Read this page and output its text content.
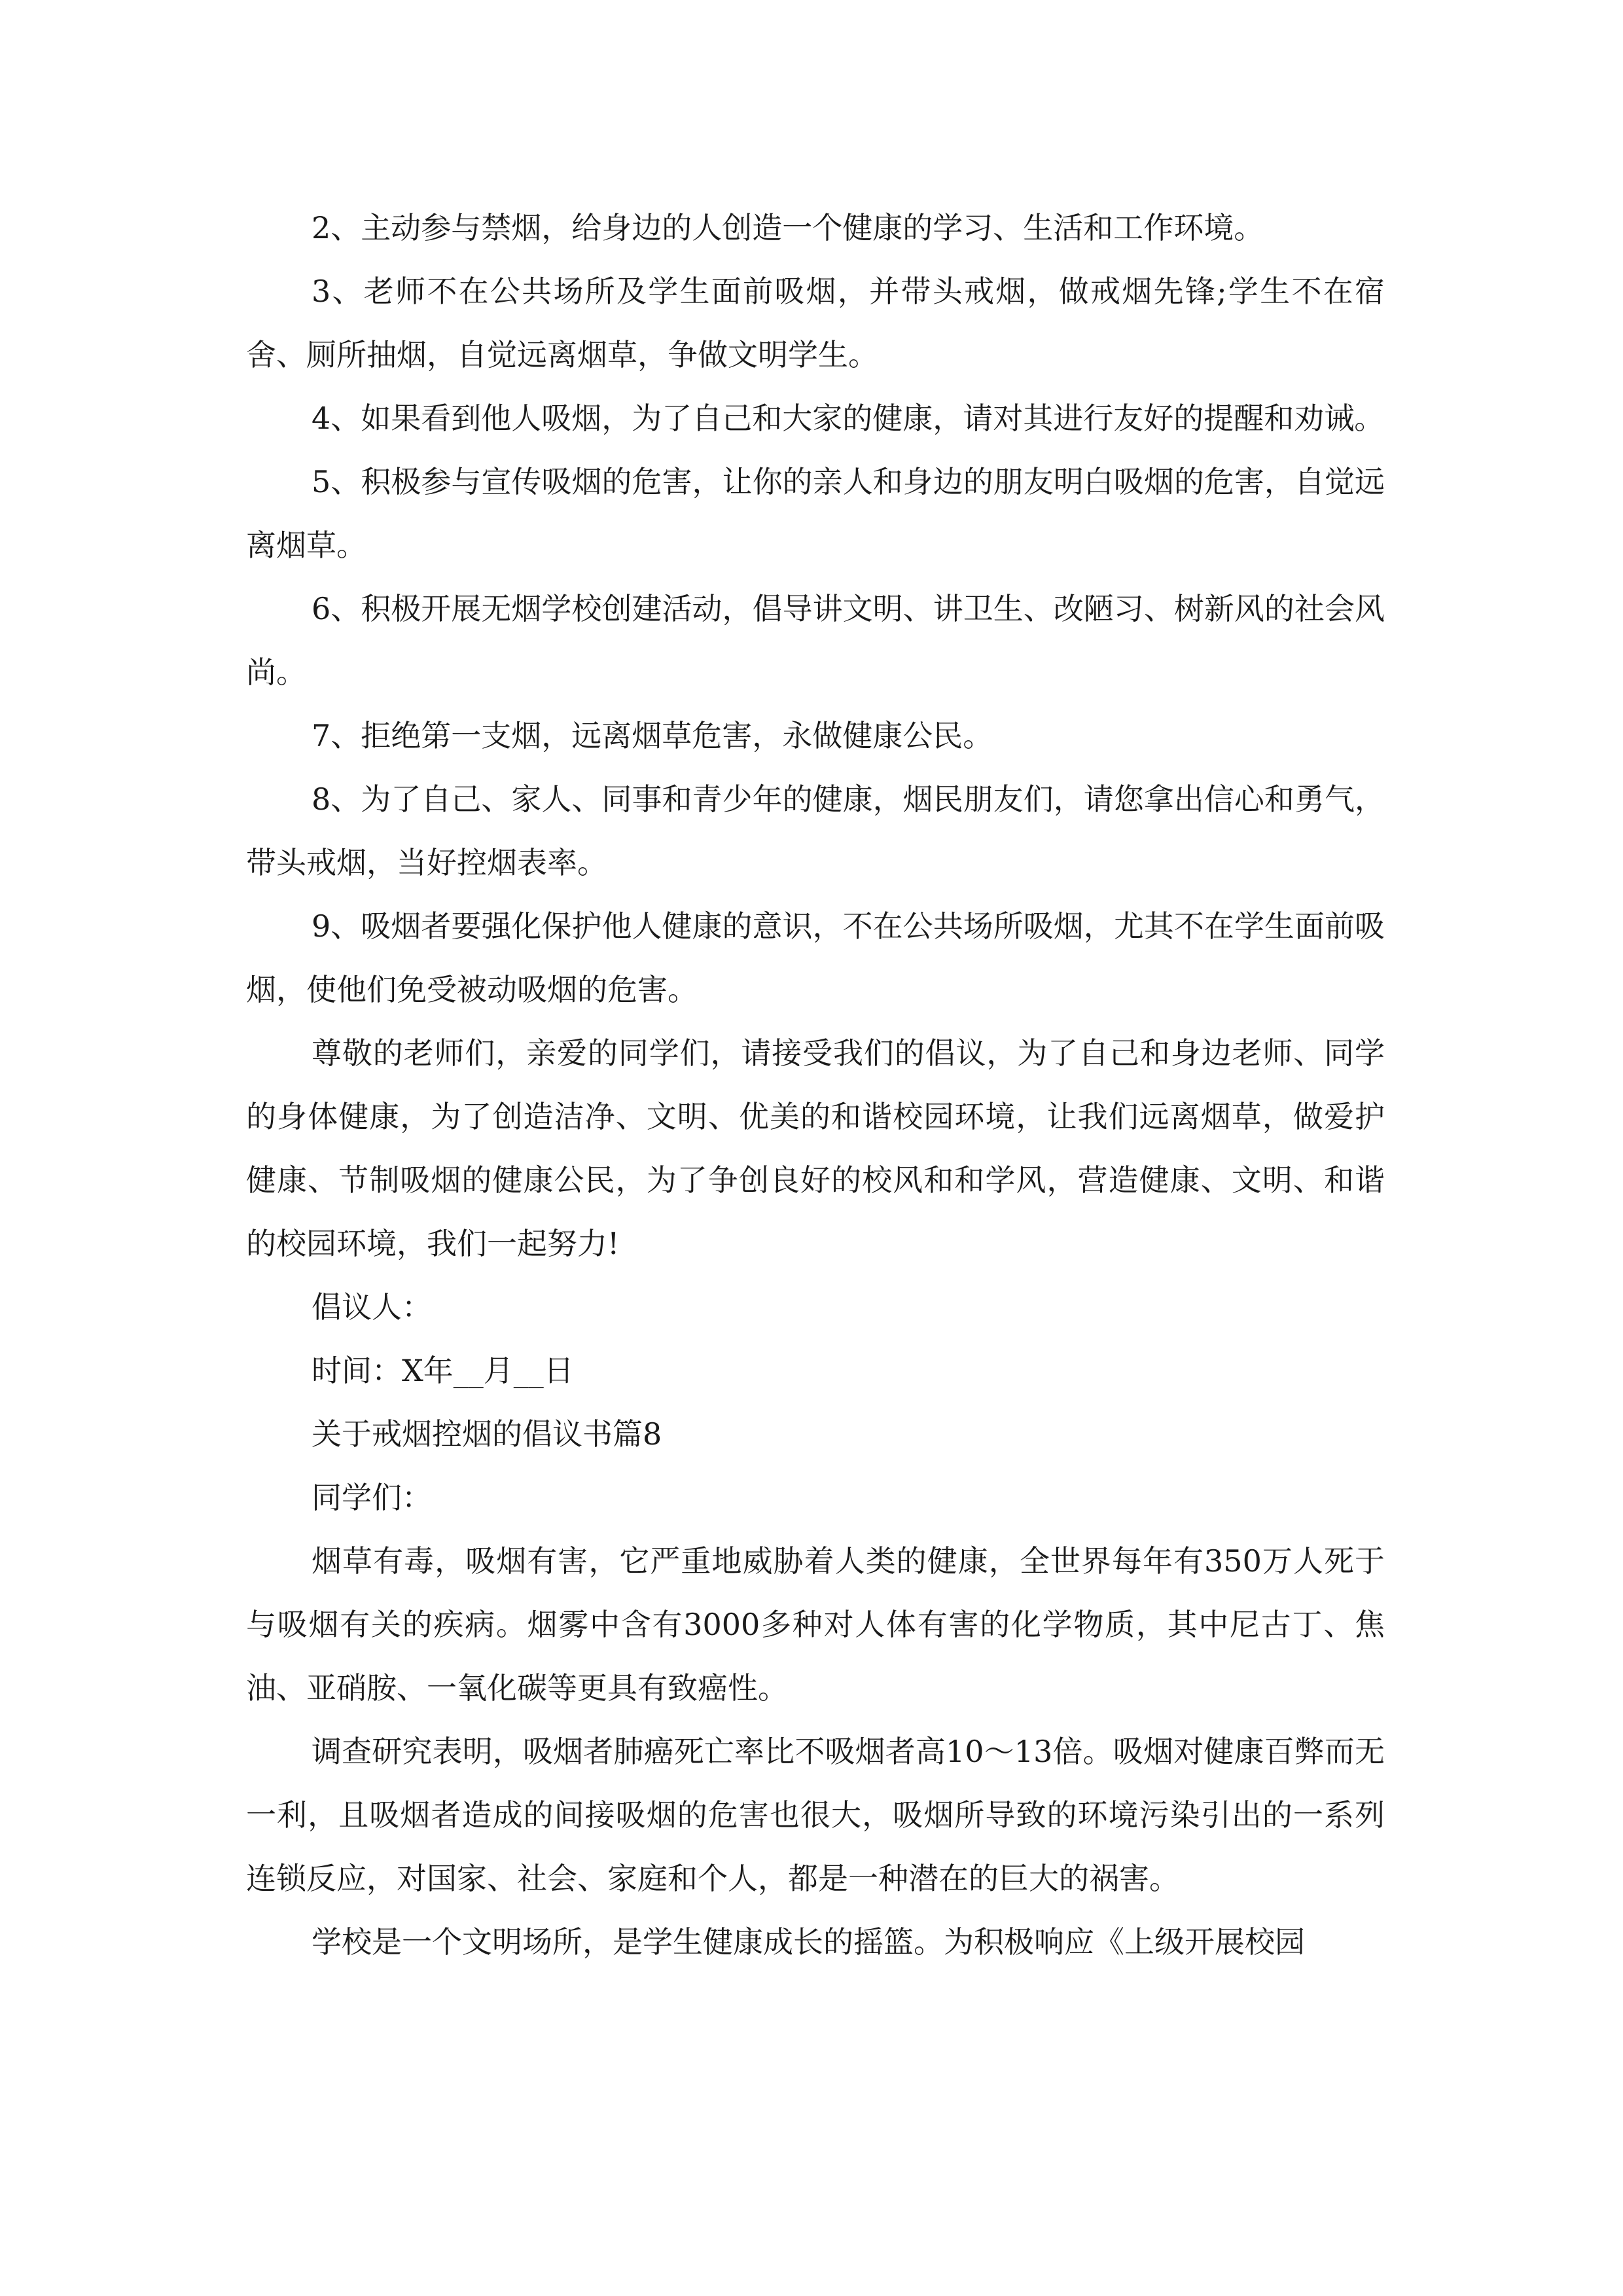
2、主动参与禁烟，给身边的人创造一个健康的学习、生活和工作环境。

3、老师不在公共场所及学生面前吸烟，并带头戒烟，做戒烟先锋;学生不在宿舍、厕所抽烟，自觉远离烟草，争做文明学生。

4、如果看到他人吸烟，为了自己和大家的健康，请对其进行友好的提醒和劝诫。

5、积极参与宣传吸烟的危害，让你的亲人和身边的朋友明白吸烟的危害，自觉远离烟草。

6、积极开展无烟学校创建活动，倡导讲文明、讲卫生、改陋习、树新风的社会风尚。

7、拒绝第一支烟，远离烟草危害，永做健康公民。

8、为了自己、家人、同事和青少年的健康，烟民朋友们，请您拿出信心和勇气，带头戒烟，当好控烟表率。

9、吸烟者要强化保护他人健康的意识，不在公共场所吸烟，尤其不在学生面前吸烟，使他们免受被动吸烟的危害。

尊敬的老师们，亲爱的同学们，请接受我们的倡议，为了自己和身边老师、同学的身体健康，为了创造洁净、文明、优美的和谐校园环境，让我们远离烟草，做爱护健康、节制吸烟的健康公民，为了争创良好的校风和和学风，营造健康、文明、和谐的校园环境，我们一起努力!

倡议人：

时间：X年__月__日

关于戒烟控烟的倡议书篇8

同学们：

烟草有毒，吸烟有害，它严重地威胁着人类的健康，全世界每年有350万人死于与吸烟有关的疾病。烟雾中含有3000多种对人体有害的化学物质，其中尼古丁、焦油、亚硝胺、一氧化碳等更具有致癌性。

调查研究表明，吸烟者肺癌死亡率比不吸烟者高10～13倍。吸烟对健康百弊而无一利，且吸烟者造成的间接吸烟的危害也很大，吸烟所导致的环境污染引出的一系列连锁反应，对国家、社会、家庭和个人，都是一种潜在的巨大的祸害。

学校是一个文明场所，是学生健康成长的摇篮。为积极响应《上级开展校园
